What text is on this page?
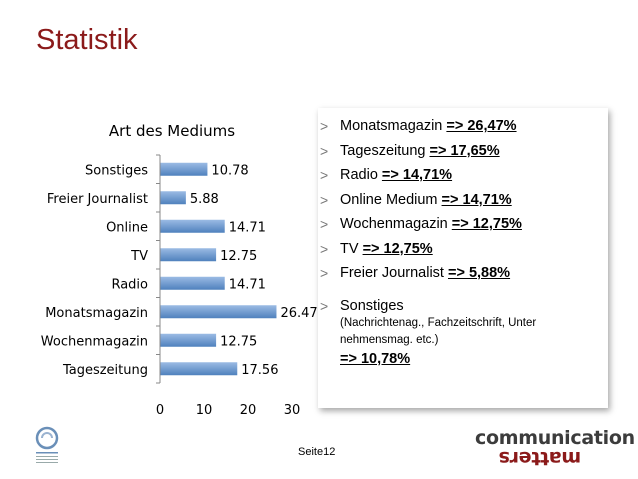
Statistik
Art des Mediums
Sonstiges	10.78
Freier Journalist	5.88
Online	14.71
TV	12.75
Radio	14.71
Monatsmagazin	26.47
Wochenmagazin	12.75
Tageszeitung	17.56
0 10 20 30
> Monatsmagazin => 26,47%
> Tageszeitung => 17,65%
> Radio => 14,71%
> Online Medium => 14,71%
> Wochenmagazin => 12,75%
> TV => 12,75%
> Freier Journalist => 5,88%
> Sonstiges
(Nachrichtenag., Fachzeitschrift, Unter
nehmensmag. etc.)
=> 10,78%
Seite12
communication
matters
